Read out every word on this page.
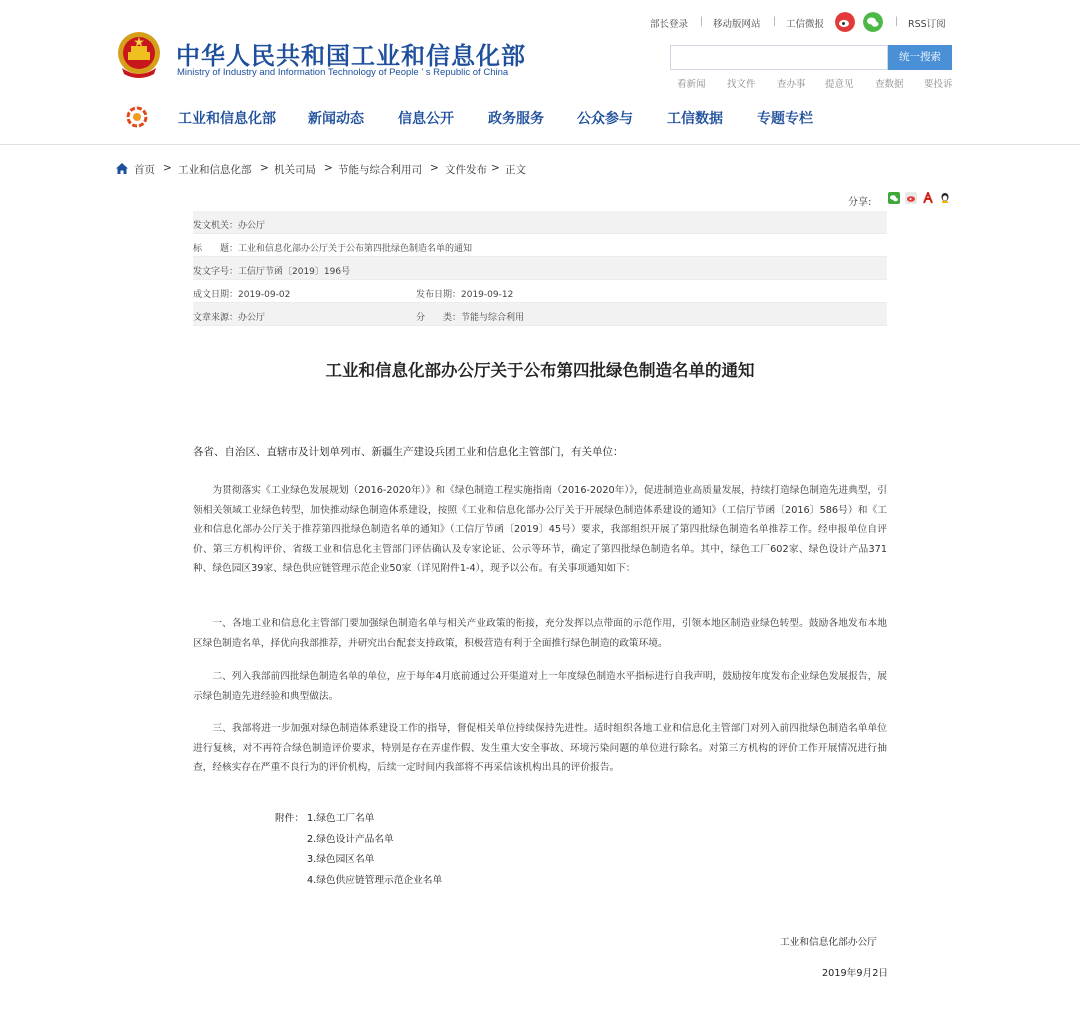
中华人民共和国工业和信息化部
Ministry of Industry and Information Technology of People ' s Republic of China
部长登录 | 移动版网站 | 工信微报	| RSS订阅
统一搜索
看新闻 找文件 查办事 提意见 查数据 要投诉
工业和信息化部 新闻动态 信息公开 政务服务 公众参与 工信数据 专题专栏
首页 > 工业和信息化部 > 机关司局 > 节能与综合利用司 > 文件发布 > 正文
分享:
发文机关：办公厅
标　　题：工业和信息化部办公厅关于公布第四批绿色制造名单的通知
发文字号：工信厅节函〔2019〕196号
成文日期：2019-09-02	发布日期：2019-09-12
文章来源：办公厅	分　　类：节能与综合利用
工业和信息化部办公厅关于公布第四批绿色制造名单的通知
各省、自治区、直辖市及计划单列市、新疆生产建设兵团工业和信息化主管部门，有关单位：
为贯彻落实《工业绿色发展规划（2016-2020年）》和《绿色制造工程实施指南（2016-2020年）》，促进制造业高质量发展，持续打造绿色制造先进典型，引领相关领域工业绿色转型，加快推动绿色制造体系建设，按照《工业和信息化部办公厅关于开展绿色制造体系建设的通知》（工信厅节函〔2016〕586号）和《工业和信息化部办公厅关于推荐第四批绿色制造名单的通知》（工信厅节函〔2019〕45号）要求，我部组织开展了第四批绿色制造名单推荐工作。经申报单位自评价、第三方机构评价、省级工业和信息化主管部门评估确认及专家论证、公示等环节，确定了第四批绿色制造名单。其中，绿色工厂602家、绿色设计产品371种、绿色园区39家、绿色供应链管理示范企业50家（详见附件1-4），现予以公布。有关事项通知如下：
一、各地工业和信息化主管部门要加强绿色制造名单与相关产业政策的衔接，充分发挥以点带面的示范作用，引领本地区制造业绿色转型。鼓励各地发布本地区绿色制造名单，择优向我部推荐，并研究出台配套支持政策，积极营造有利于全面推行绿色制造的政策环境。
二、列入我部前四批绿色制造名单的单位，应于每年4月底前通过公开渠道对上一年度绿色制造水平指标进行自我声明，鼓励按年度发布企业绿色发展报告，展示绿色制造先进经验和典型做法。
三、我部将进一步加强对绿色制造体系建设工作的指导，督促相关单位持续保持先进性。适时组织各地工业和信息化主管部门对列入前四批绿色制造名单单位进行复核，对不再符合绿色制造评价要求，特别是存在弄虚作假、发生重大安全事故、环境污染问题的单位进行除名。对第三方机构的评价工作开展情况进行抽查，经核实存在严重不良行为的评价机构，后续一定时间内我部将不再采信该机构出具的评价报告。
附件： 1.绿色工厂名单
2.绿色设计产品名单
3.绿色园区名单
4.绿色供应链管理示范企业名单
工业和信息化部办公厅
2019年9月2日
